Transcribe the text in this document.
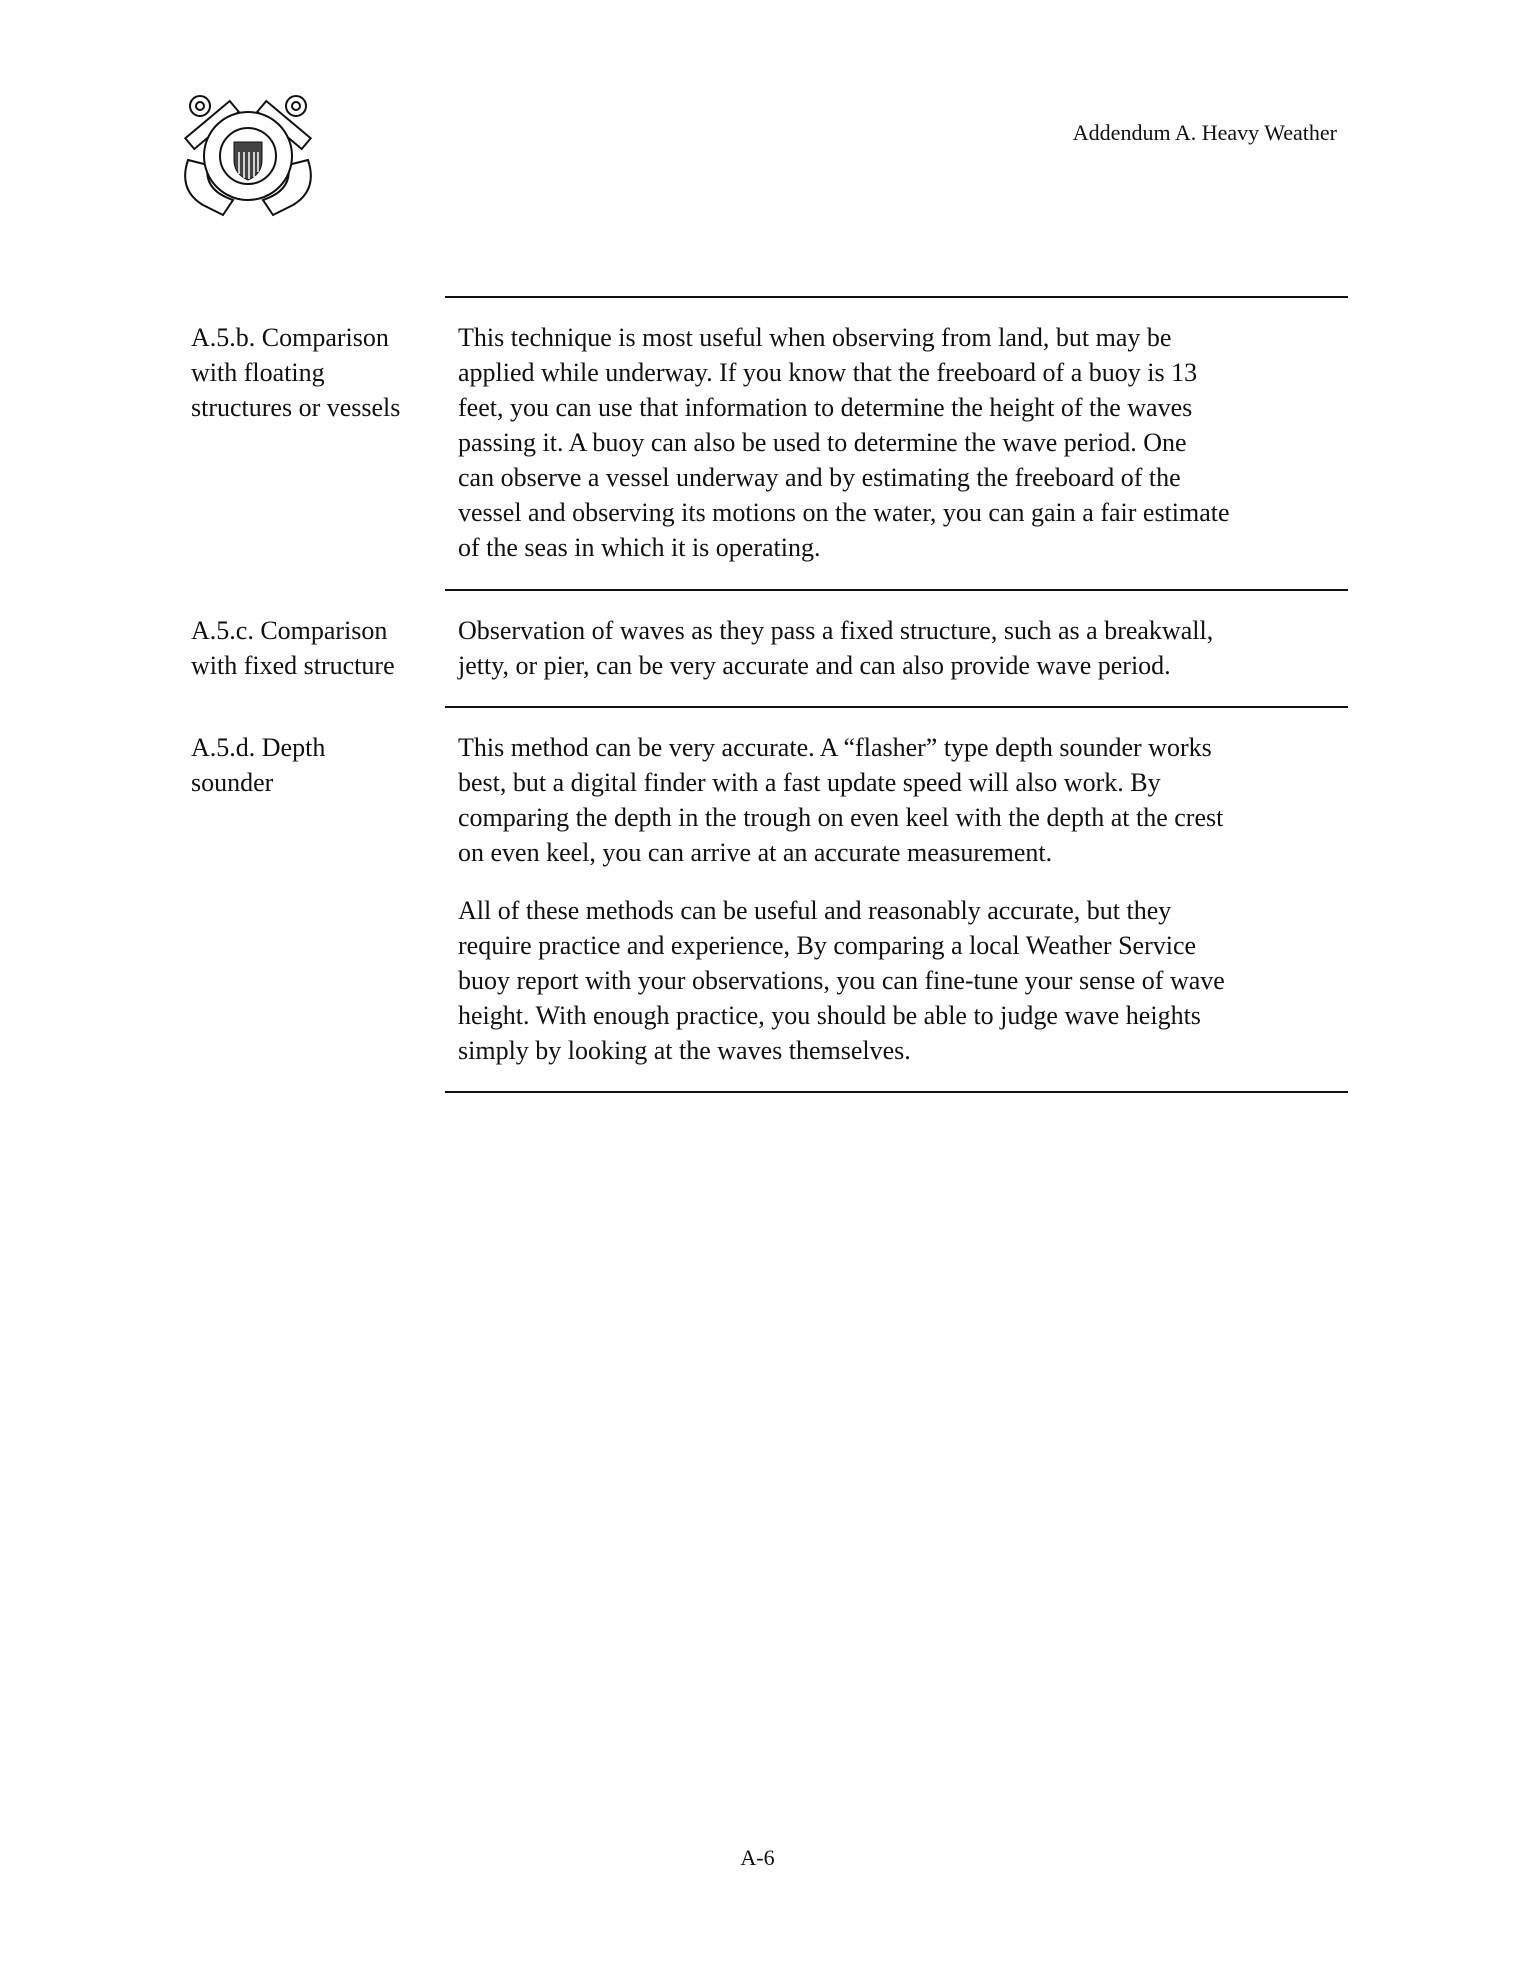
Addendum A. Heavy Weather
A.5.b. Comparison
with floating
structures or vessels
This technique is most useful when observing from land, but may be
applied while underway. If you know that the freeboard of a buoy is 13
feet, you can use that information to determine the height of the waves
passing it. A buoy can also be used to determine the wave period. One
can observe a vessel underway and by estimating the freeboard of the
vessel and observing its motions on the water, you can gain a fair estimate
of the seas in which it is operating.
A.5.c. Comparison
with fixed structure
Observation of waves as they pass a fixed structure, such as a breakwall,
jetty, or pier, can be very accurate and can also provide wave period.
A.5.d. Depth
sounder
This method can be very accurate. A “flasher” type depth sounder works
best, but a digital finder with a fast update speed will also work. By
comparing the depth in the trough on even keel with the depth at the crest
on even keel, you can arrive at an accurate measurement.
All of these methods can be useful and reasonably accurate, but they
require practice and experience, By comparing a local Weather Service
buoy report with your observations, you can fine-tune your sense of wave
height. With enough practice, you should be able to judge wave heights
simply by looking at the waves themselves.
A-6
